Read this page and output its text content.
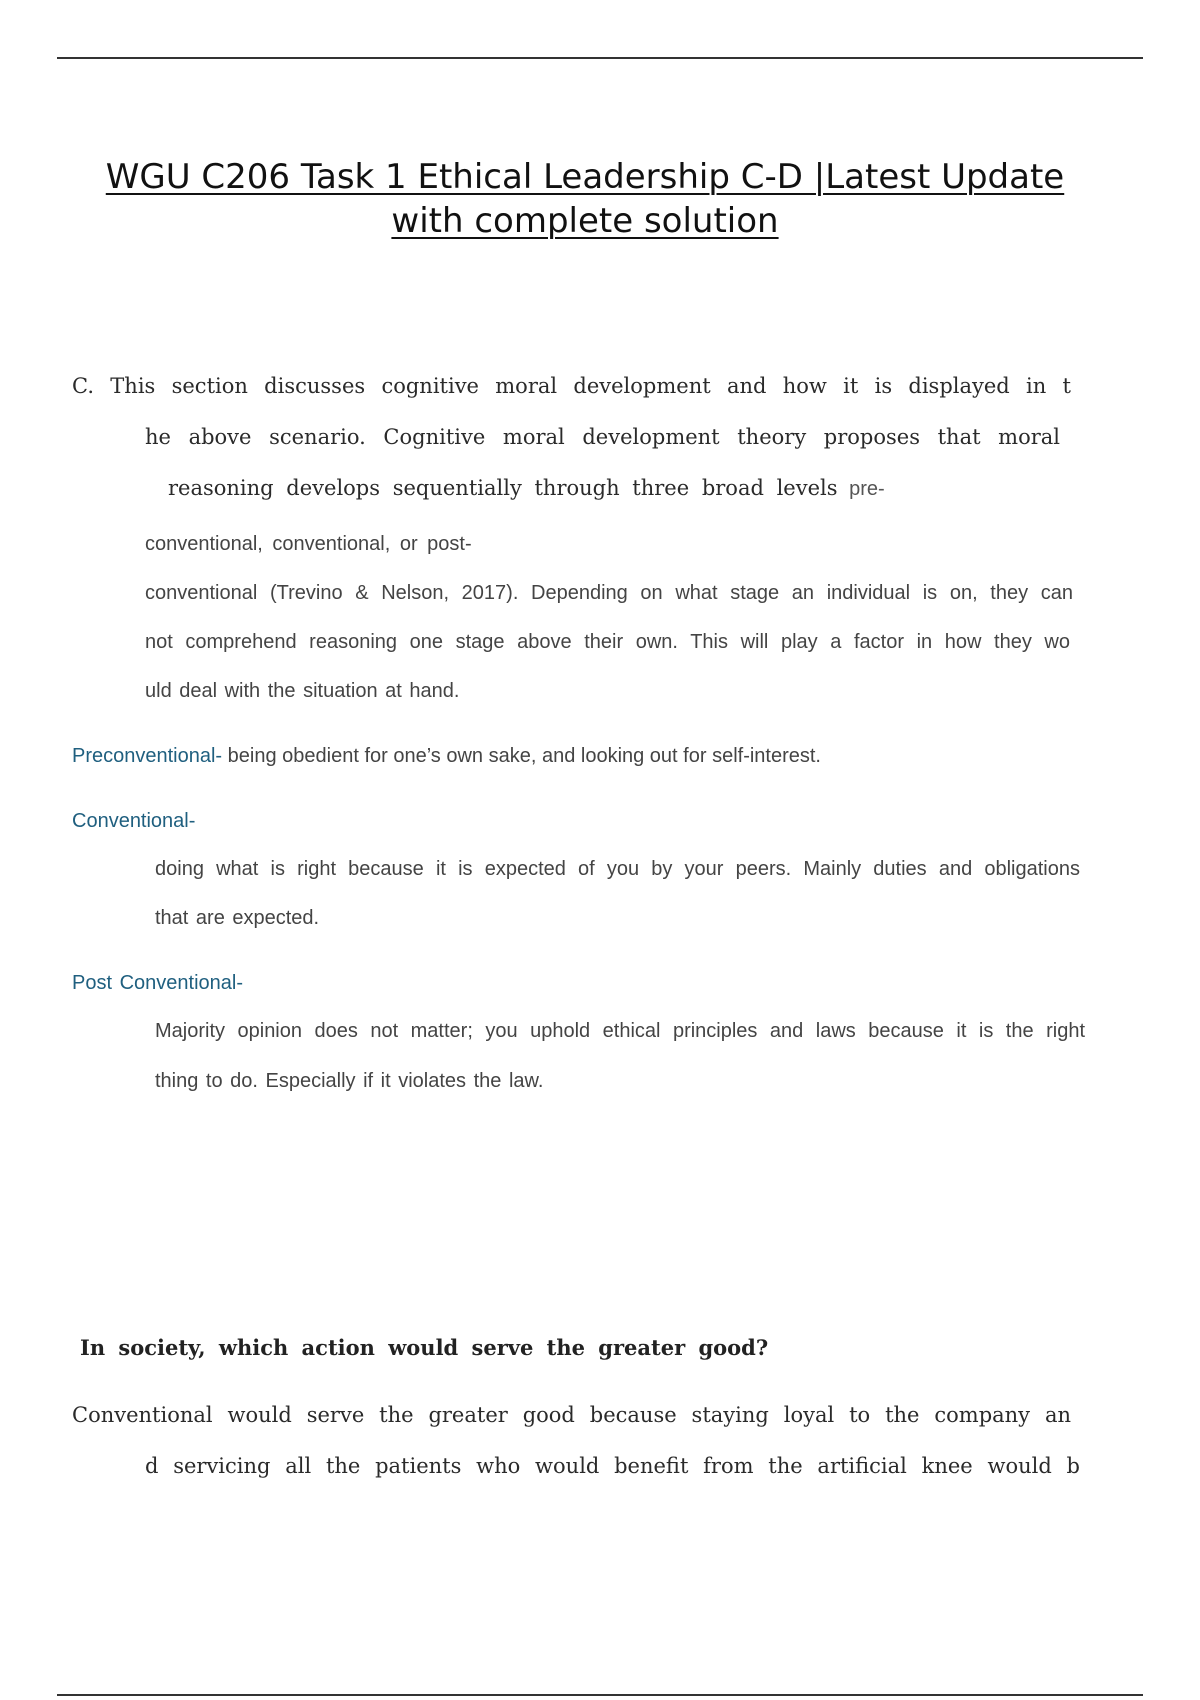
WGU C206 Task 1 Ethical Leadership C-D |Latest Update
with complete solution
C. This section discusses cognitive moral development and how it is displayed in t
he above scenario. Cognitive moral development theory proposes that moral
reasoning develops sequentially through three broad levels pre-
conventional, conventional, or post-
conventional (Trevino & Nelson, 2017). Depending on what stage an individual is on, they can
not comprehend reasoning one stage above their own. This will play a factor in how they wo
uld deal with the situation at hand.
Preconventional- being obedient for one’s own sake, and looking out for self-interest.
Conventional-
doing what is right because it is expected of you by your peers. Mainly duties and obligations
that are expected.
Post Conventional-
Majority opinion does not matter; you uphold ethical principles and laws because it is the right
thing to do. Especially if it violates the law.
In society, which action would serve the greater good?
Conventional would serve the greater good because staying loyal to the company an
d servicing all the patients who would benefit from the artificial knee would b
